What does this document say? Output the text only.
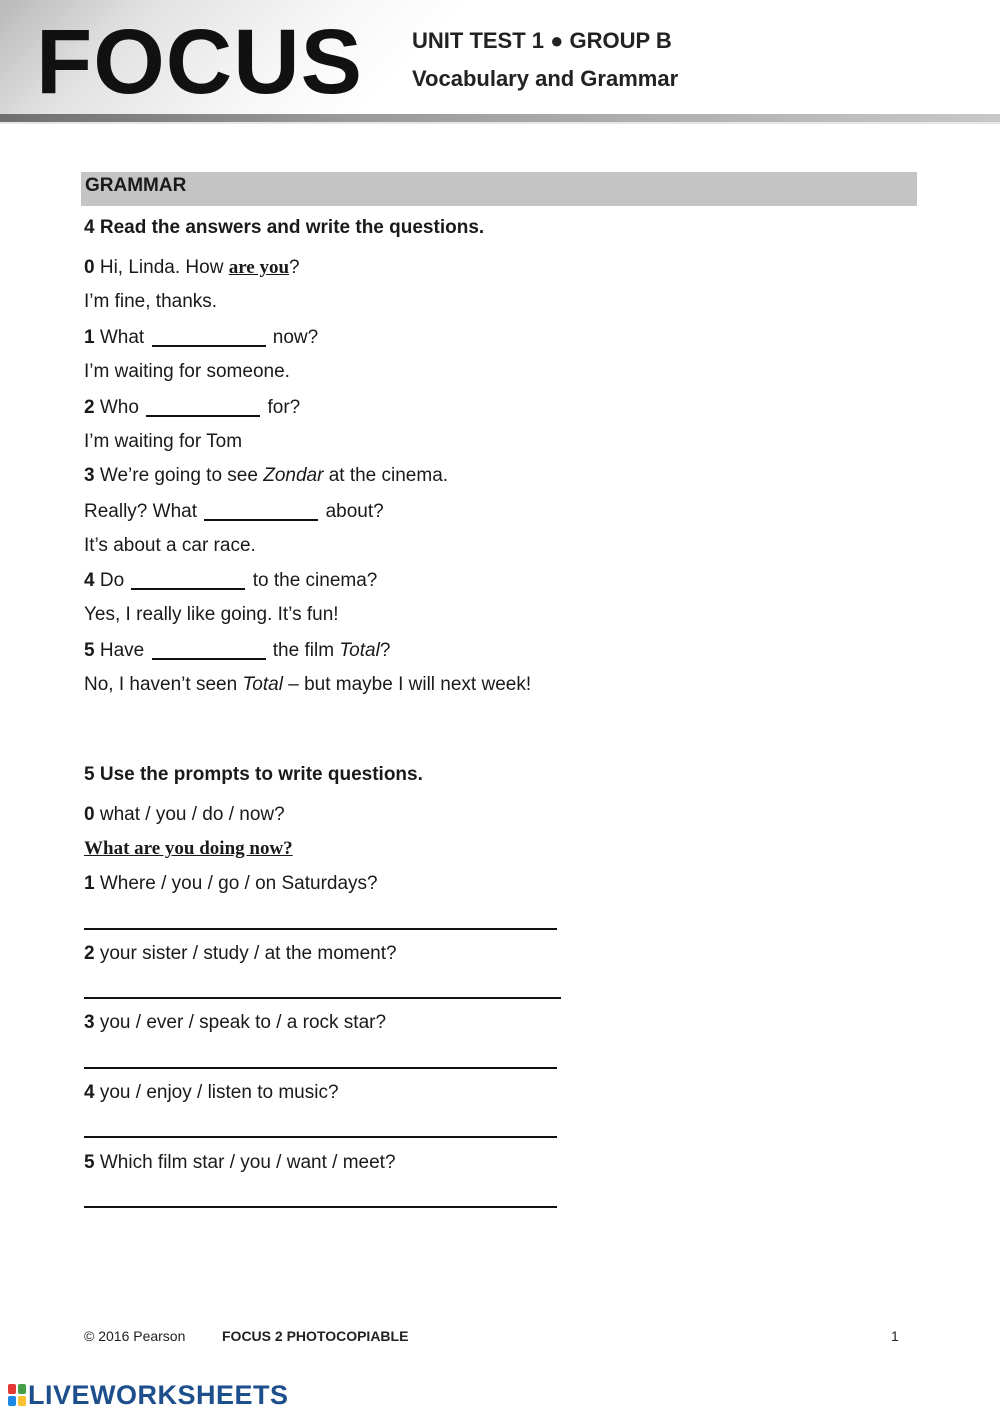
FOCUS UNIT TEST 1 ● GROUP B
Vocabulary and Grammar
GRAMMAR
4 Read the answers and write the questions.
0 Hi, Linda. How are you?
I’m fine, thanks.
1 What	now?
I’m waiting for someone.
2 Who	for?
I’m waiting for Tom
3 We’re going to see Zondar at the cinema.
Really? What	about?
It’s about a car race.
4 Do	to the cinema?
Yes, I really like going. It’s fun!
5 Have	the film Total?
No, I haven’t seen Total – but maybe I will next week!
5 Use the prompts to write questions.
0 what / you / do / now?
What are you doing now?
1 Where / you / go / on Saturdays?
2 your sister / study / at the moment?
3 you / ever / speak to / a rock star?
4 you / enjoy / listen to music?
5 Which film star / you / want / meet?
© 2016 Pearson	FOCUS 2 PHOTOCOPIABLE	1
LIVEWORKSHEETS
